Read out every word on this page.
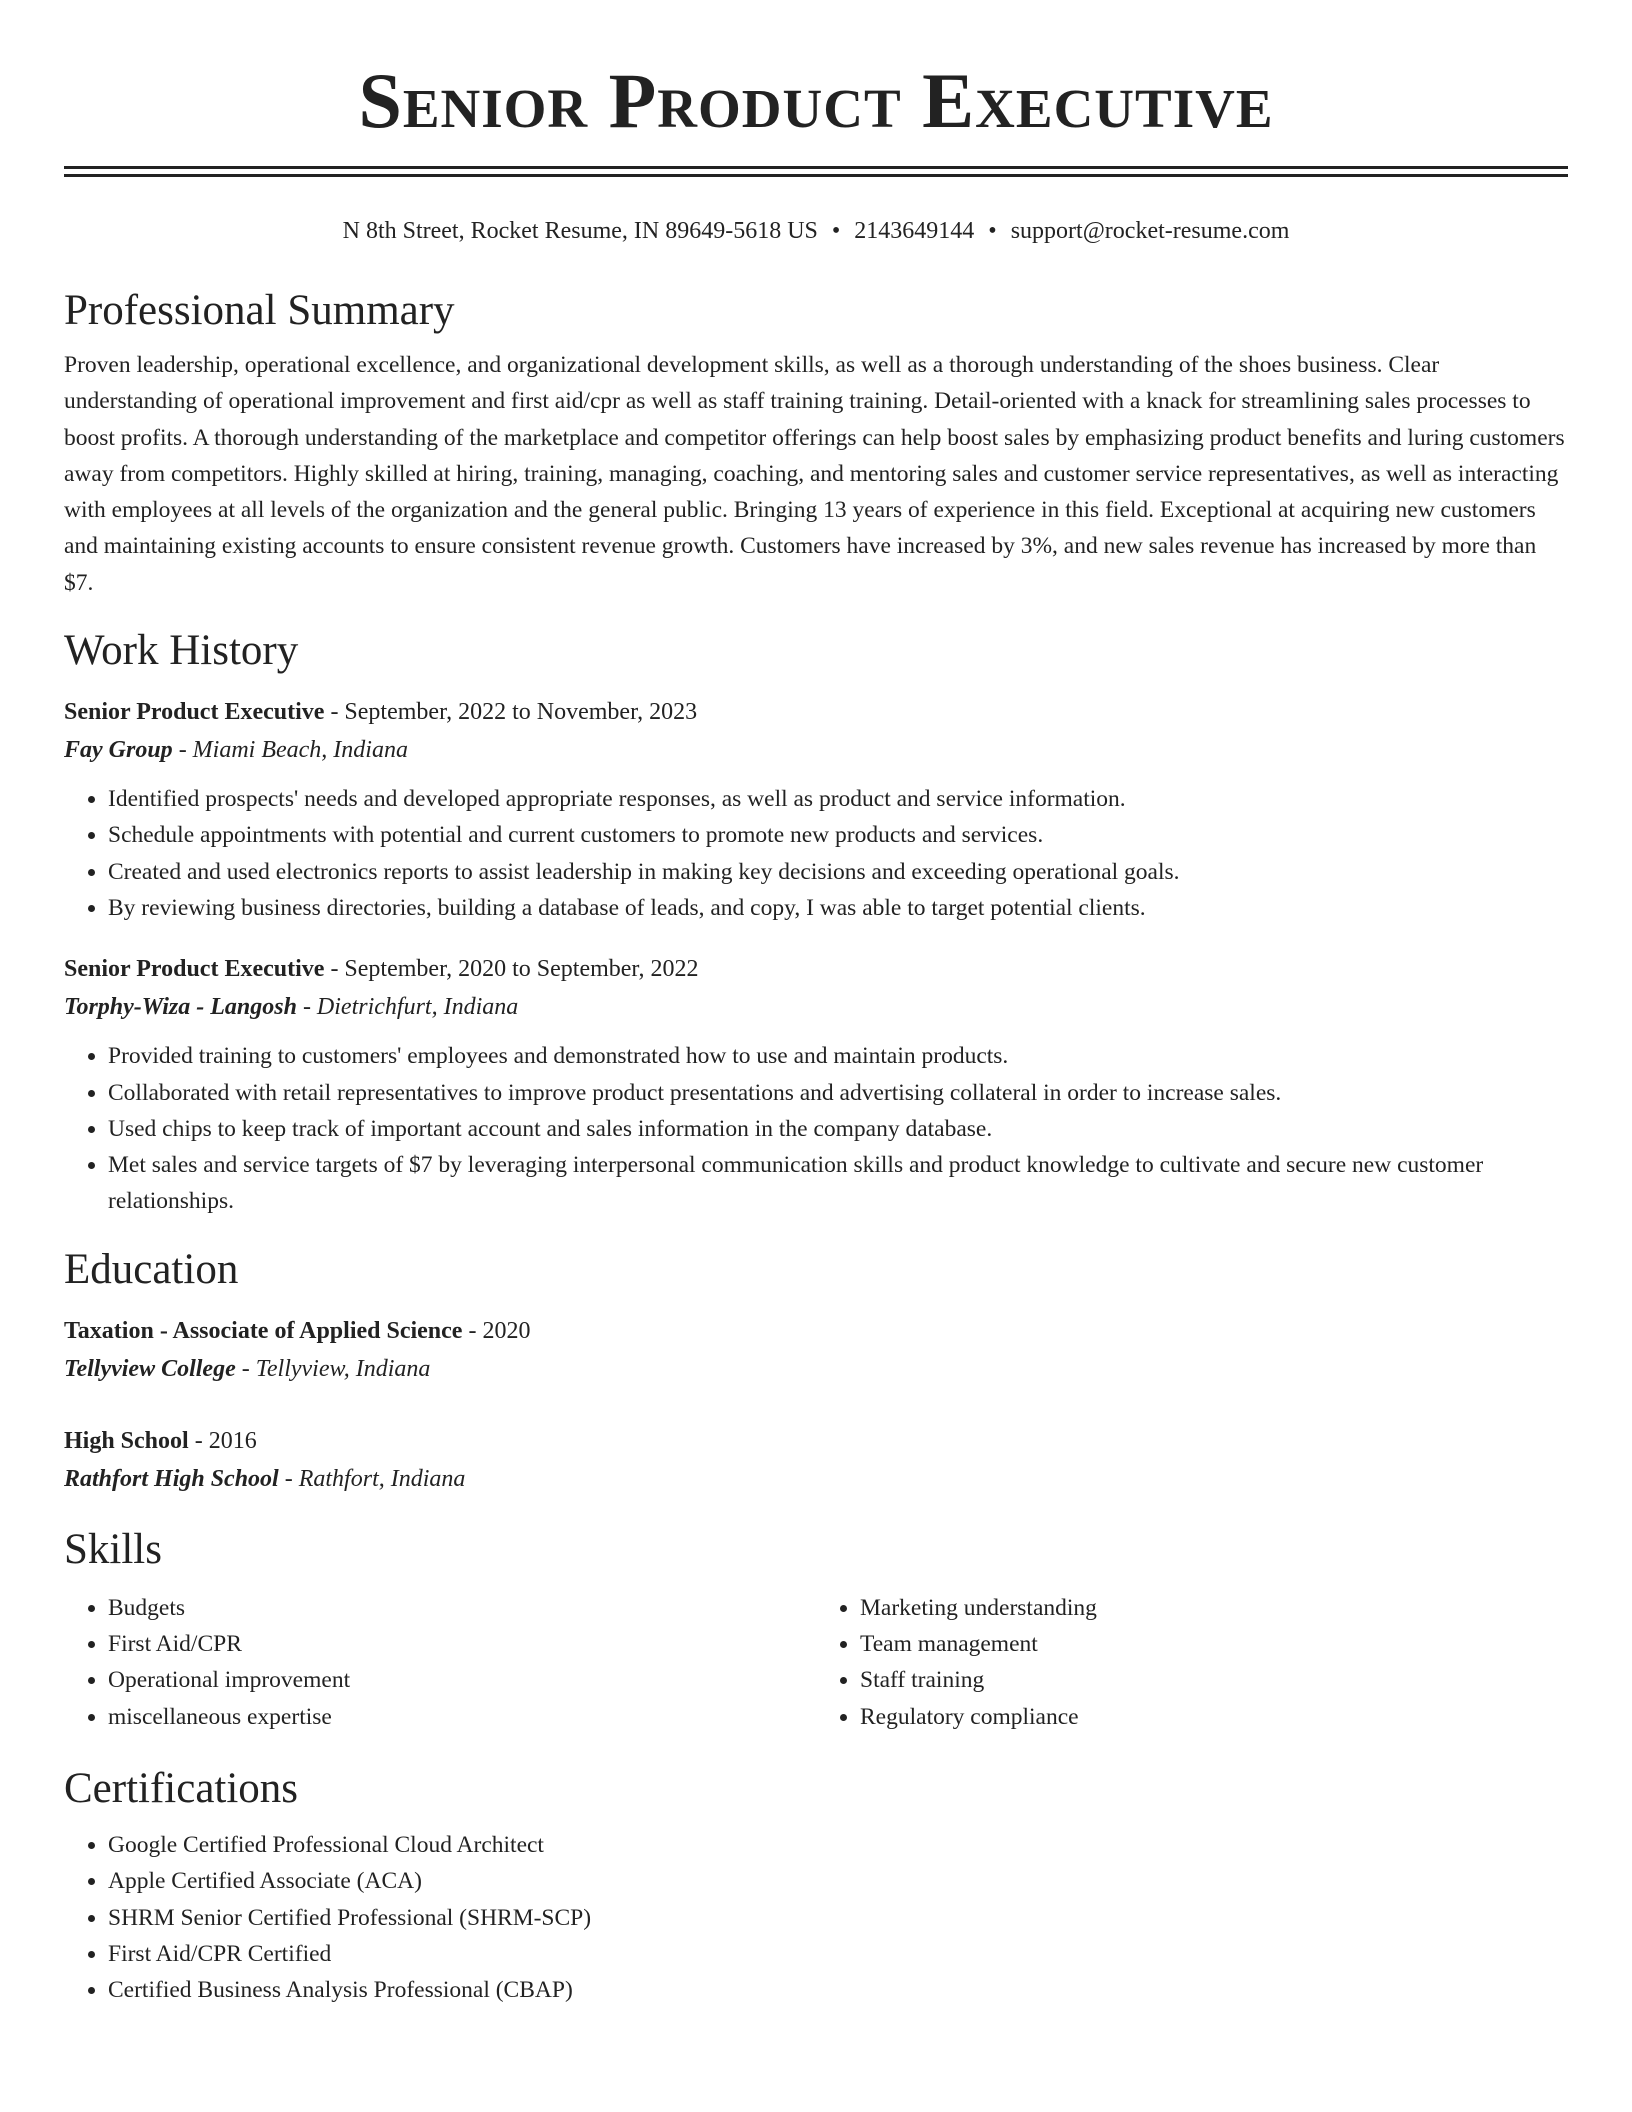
Senior Product Executive
N 8th Street, Rocket Resume, IN 89649-5618 US • 2143649144 • support@rocket-resume.com
Professional Summary

Proven leadership, operational excellence, and organizational development skills, as well as a thorough understanding of the shoes business. Clear understanding of operational improvement and first aid/cpr as well as staff training training. Detail-oriented with a knack for streamlining sales processes to boost profits. A thorough understanding of the marketplace and competitor offerings can help boost sales by emphasizing product benefits and luring customers away from competitors. Highly skilled at hiring, training, managing, coaching, and mentoring sales and customer service representatives, as well as interacting with employees at all levels of the organization and the general public. Bringing 13 years of experience in this field. Exceptional at acquiring new customers and maintaining existing accounts to ensure consistent revenue growth. Customers have increased by 3%, and new sales revenue has increased by more than $7.

Work History
Senior Product Executive - September, 2022 to November, 2023
Fay Group - Miami Beach, Indiana
• Identified prospects' needs and developed appropriate responses, as well as product and service information.
• Schedule appointments with potential and current customers to promote new products and services.
• Created and used electronics reports to assist leadership in making key decisions and exceeding operational goals.
• By reviewing business directories, building a database of leads, and copy, I was able to target potential clients.
Senior Product Executive - September, 2020 to September, 2022
Torphy-Wiza - Langosh - Dietrichfurt, Indiana
• Provided training to customers' employees and demonstrated how to use and maintain products.
• Collaborated with retail representatives to improve product presentations and advertising collateral in order to increase sales.
• Used chips to keep track of important account and sales information in the company database.
• Met sales and service targets of $7 by leveraging interpersonal communication skills and product knowledge to cultivate and secure new customer relationships.
Education
Taxation - Associate of Applied Science - 2020
Tellyview College - Tellyview, Indiana
High School - 2016
Rathfort High School - Rathfort, Indiana
Skills
• Budgets
• First Aid/CPR
• Operational improvement
• miscellaneous expertise
• Marketing understanding
• Team management
• Staff training
• Regulatory compliance
Certifications
• Google Certified Professional Cloud Architect
• Apple Certified Associate (ACA)
• SHRM Senior Certified Professional (SHRM-SCP)
• First Aid/CPR Certified
• Certified Business Analysis Professional (CBAP)
